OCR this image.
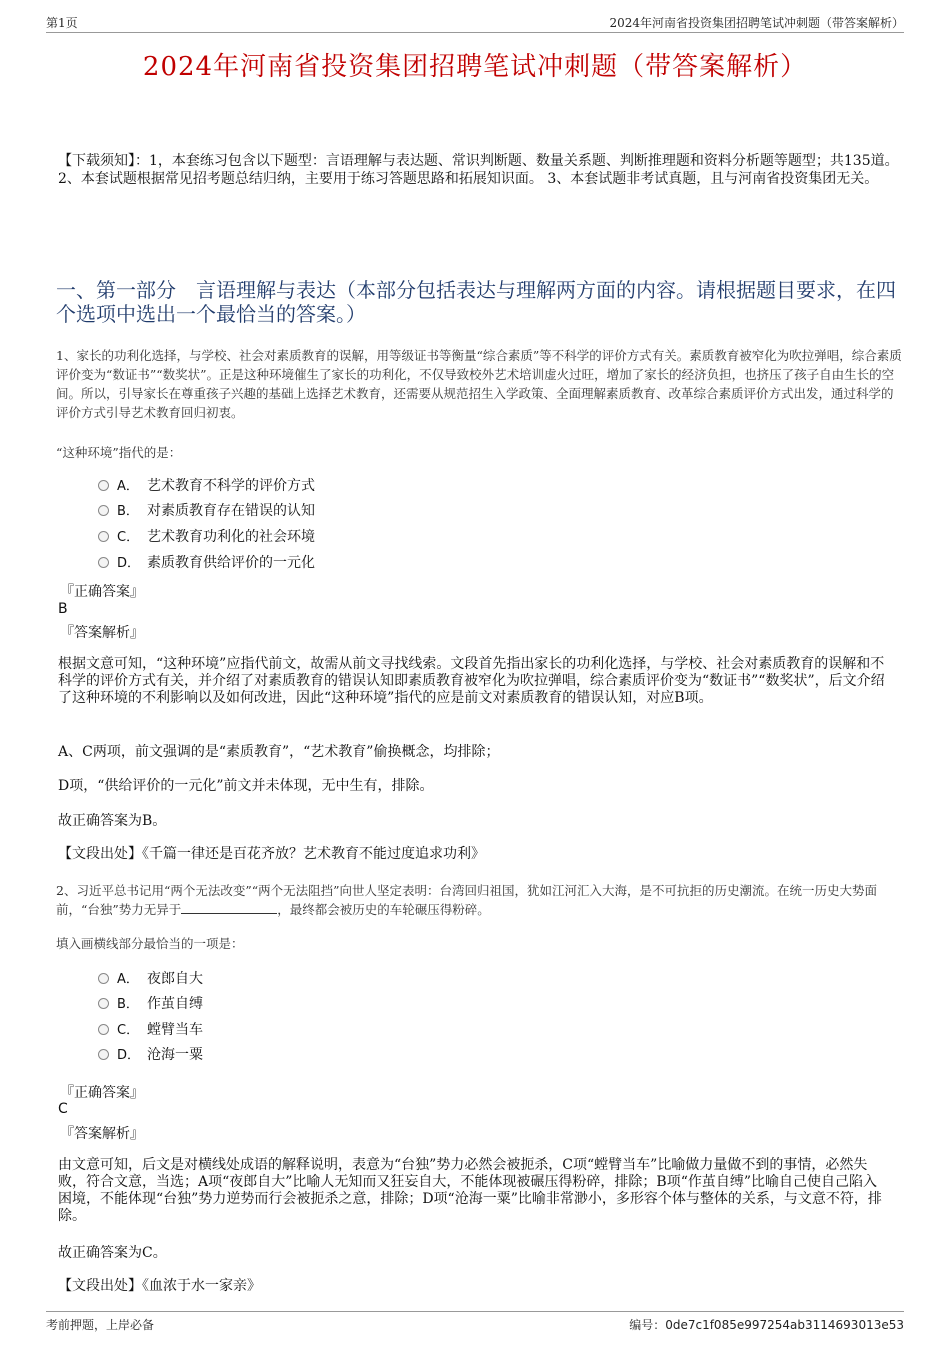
第1页	2024年河南省投资集团招聘笔试冲刺题（带答案解析）
2024年河南省投资集团招聘笔试冲刺题（带答案解析）
【下载须知】：1，本套练习包含以下题型：言语理解与表达题、常识判断题、数量关系题、判断推理题和资料分析题等题型；共135道。 2、本套试题根据常见招考题总结归纳，主要用于练习答题思路和拓展知识面。 3、本套试题非考试真题，且与河南省投资集团无关。
一、第一部分　言语理解与表达（本部分包括表达与理解两方面的内容。请根据题目要求，在四个选项中选出一个最恰当的答案。）
1、家长的功利化选择，与学校、社会对素质教育的误解，用等级证书等衡量“综合素质”等不科学的评价方式有关。素质教育被窄化为吹拉弹唱，综合素质评价变为“数证书”“数奖状”。正是这种环境催生了家长的功利化，不仅导致校外艺术培训虚火过旺，增加了家长的经济负担，也挤压了孩子自由生长的空间。所以，引导家长在尊重孩子兴趣的基础上选择艺术教育，还需要从规范招生入学政策、全面理解素质教育、改革综合素质评价方式出发，通过科学的评价方式引导艺术教育回归初衷。
“这种环境”指代的是：
A． 艺术教育不科学的评价方式
B． 对素质教育存在错误的认知
C． 艺术教育功利化的社会环境
D． 素质教育供给评价的一元化
『正确答案』
B
『答案解析』
根据文意可知，“这种环境”应指代前文，故需从前文寻找线索。文段首先指出家长的功利化选择，与学校、社会对素质教育的误解和不科学的评价方式有关，并介绍了对素质教育的错误认知即素质教育被窄化为吹拉弹唱，综合素质评价变为“数证书”“数奖状”，后文介绍了这种环境的不利影响以及如何改进，因此“这种环境”指代的应是前文对素质教育的错误认知，对应B项。
A、C两项，前文强调的是“素质教育”，“艺术教育”偷换概念，均排除；
D项，“供给评价的一元化”前文并未体现，无中生有，排除。
故正确答案为B。
【文段出处】《千篇一律还是百花齐放？艺术教育不能过度追求功利》
2、习近平总书记用“两个无法改变”“两个无法阻挡”向世人坚定表明：台湾回归祖国，犹如江河汇入大海，是不可抗拒的历史潮流。在统一历史大势面前，“台独”势力无异于	，最终都会被历史的车轮碾压得粉碎。
填入画横线部分最恰当的一项是：
A． 夜郎自大
B． 作茧自缚
C． 螳臂当车
D． 沧海一粟
『正确答案』
C
『答案解析』
由文意可知，后文是对横线处成语的解释说明，表意为“台独”势力必然会被扼杀，C项“螳臂当车”比喻做力量做不到的事情，必然失败，符合文意，当选；A项“夜郎自大”比喻人无知而又狂妄自大，不能体现被碾压得粉碎，排除；B项“作茧自缚”比喻自己使自己陷入困境，不能体现“台独”势力逆势而行会被扼杀之意，排除；D项“沧海一粟”比喻非常渺小，多形容个体与整体的关系，与文意不符，排除。
故正确答案为C。
【文段出处】《血浓于水一家亲》
考前押题，上岸必备	编号：0de7c1f085e997254ab3114693013e53
